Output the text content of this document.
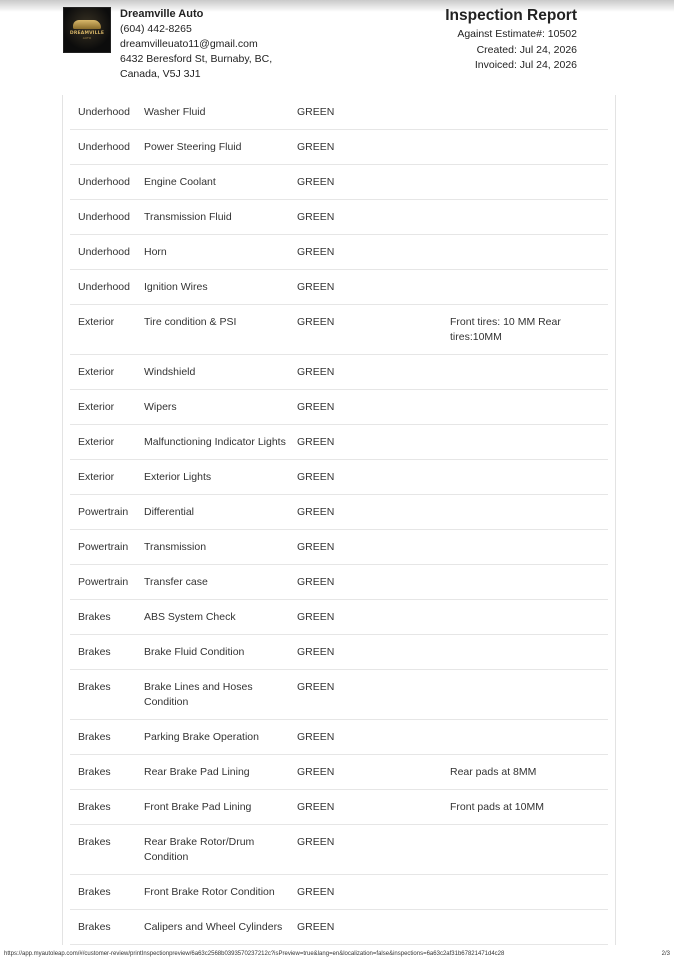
DREAMVILLE
AUTO
Dreamville Auto
(604) 442-8265
dreamvilleuato11@gmail.com
6432 Beresford St, Burnaby, BC,
Canada, V5J 3J1
Inspection Report
Against Estimate#: 10502
Created: Jul 24, 2026
Invoiced: Jul 24, 2026
Underhood	Washer Fluid	GREEN	
Underhood	Power Steering Fluid	GREEN	
Underhood	Engine Coolant	GREEN	
Underhood	Transmission Fluid	GREEN	
Underhood	Horn	GREEN	
Underhood	Ignition Wires	GREEN	
Exterior	Tire condition & PSI	GREEN	Front tires: 10 MM Rear tires:10MM
Exterior	Windshield	GREEN	
Exterior	Wipers	GREEN	
Exterior	Malfunctioning Indicator Lights	GREEN	
Exterior	Exterior Lights	GREEN	
Powertrain	Differential	GREEN	
Powertrain	Transmission	GREEN	
Powertrain	Transfer case	GREEN	
Brakes	ABS System Check	GREEN	
Brakes	Brake Fluid Condition	GREEN	
Brakes	Brake Lines and Hoses Condition	GREEN	
Brakes	Parking Brake Operation	GREEN	
Brakes	Rear Brake Pad Lining	GREEN	Rear pads at 8MM
Brakes	Front Brake Pad Lining	GREEN	Front pads at 10MM
Brakes	Rear Brake Rotor/Drum Condition	GREEN	
Brakes	Front Brake Rotor Condition	GREEN	
Brakes	Calipers and Wheel Cylinders	GREEN	
https://app.myautoleap.com/#/customer-review/printInspectionpreview/6a63c2568b0393570237212c?isPreview=true&lang=en&localization=false&inspections=6a63c2af31b67821471d4c28	2/3
